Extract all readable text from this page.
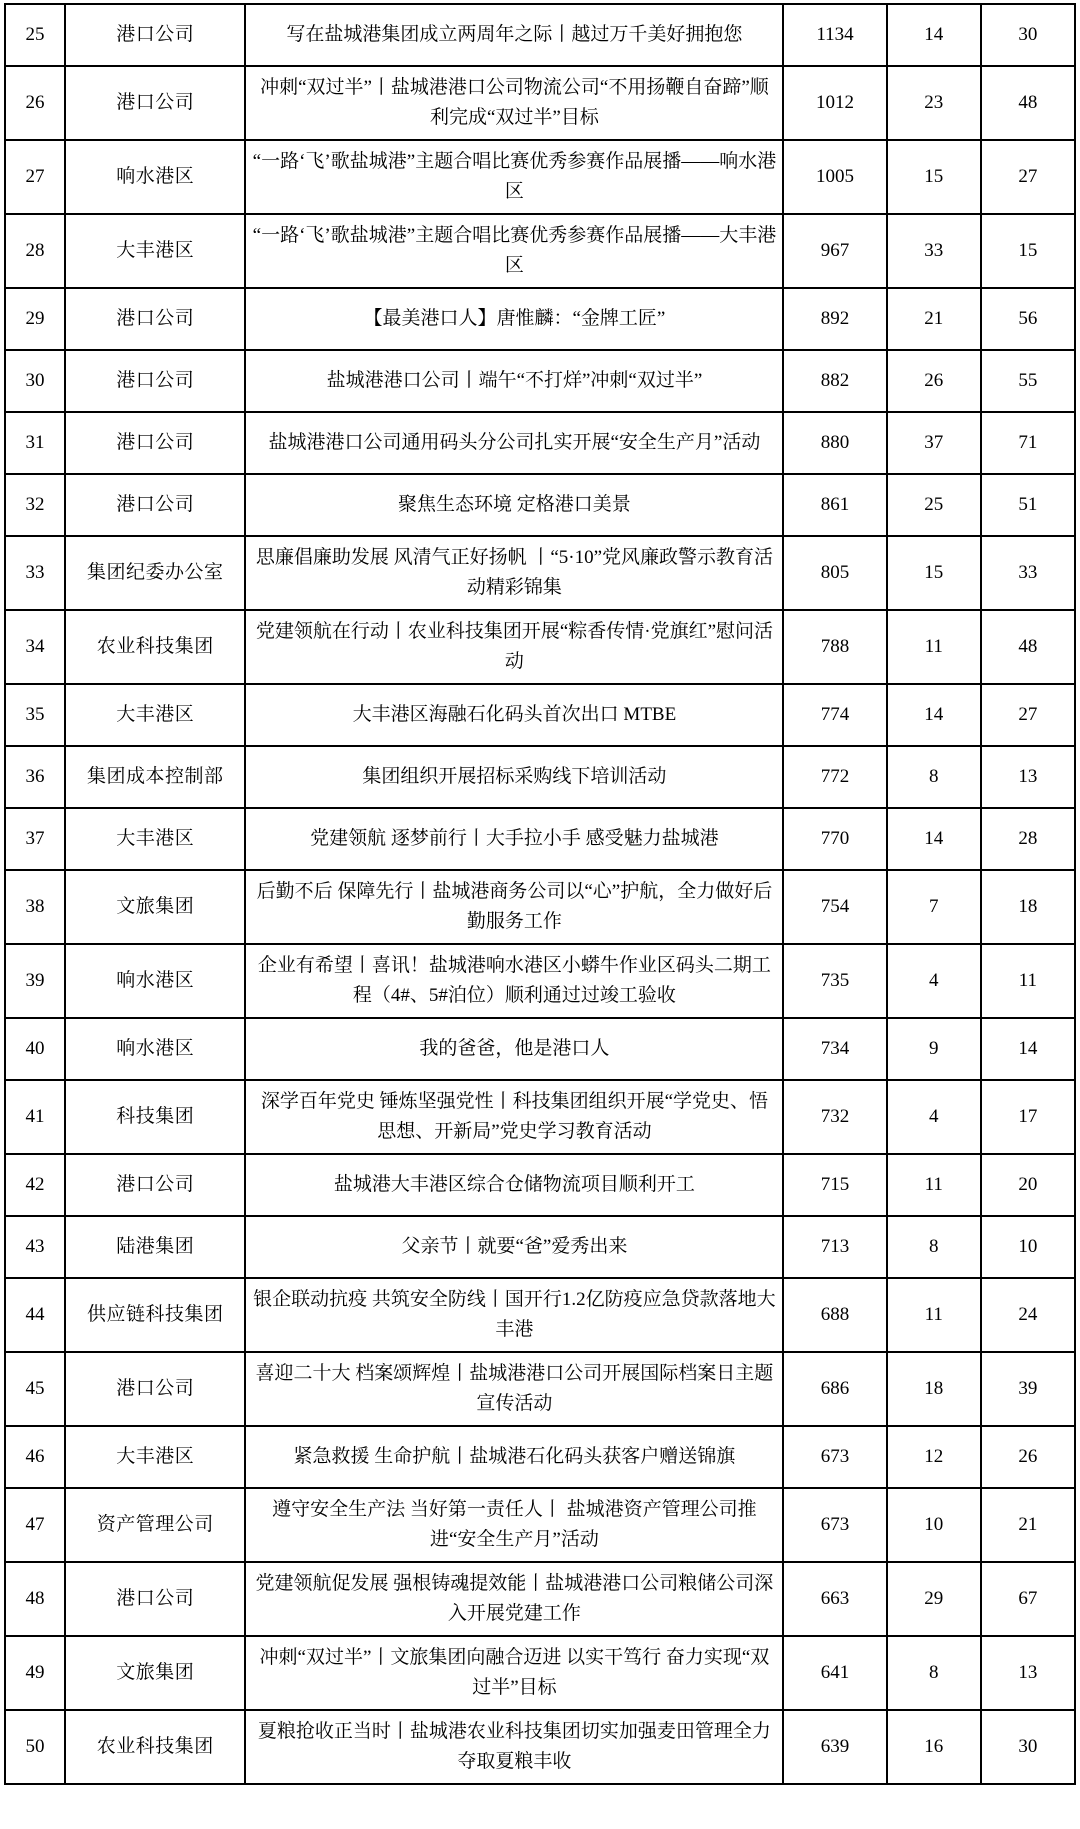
25	港口公司	写在盐城港集团成立两周年之际丨越过万千美好拥抱您	1134	14	30
26	港口公司	冲刺“双过半”丨盐城港港口公司物流公司“不用扬鞭自奋蹄”顺利完成“双过半”目标	1012	23	48
27	响水港区	“一路‘飞’歌盐城港”主题合唱比赛优秀参赛作品展播——响水港区	1005	15	27
28	大丰港区	“一路‘飞’歌盐城港”主题合唱比赛优秀参赛作品展播——大丰港区	967	33	15
29	港口公司	【最美港口人】唐惟麟：“金牌工匠”	892	21	56
30	港口公司	盐城港港口公司丨端午“不打烊”冲刺“双过半”	882	26	55
31	港口公司	盐城港港口公司通用码头分公司扎实开展“安全生产月”活动	880	37	71
32	港口公司	聚焦生态环境 定格港口美景	861	25	51
33	集团纪委办公室	思廉倡廉助发展 风清气正好扬帆 丨“5·10”党风廉政警示教育活动精彩锦集	805	15	33
34	农业科技集团	党建领航在行动丨农业科技集团开展“粽香传情·党旗红”慰问活动	788	11	48
35	大丰港区	大丰港区海融石化码头首次出口 MTBE	774	14	27
36	集团成本控制部	集团组织开展招标采购线下培训活动	772	8	13
37	大丰港区	党建领航 逐梦前行丨大手拉小手 感受魅力盐城港	770	14	28
38	文旅集团	后勤不后 保障先行丨盐城港商务公司以“心”护航，全力做好后勤服务工作	754	7	18
39	响水港区	企业有希望丨喜讯！盐城港响水港区小蟒牛作业区码头二期工程（4#、5#泊位）顺利通过过竣工验收	735	4	11
40	响水港区	我的爸爸，他是港口人	734	9	14
41	科技集团	深学百年党史 锤炼坚强党性丨科技集团组织开展“学党史、悟思想、开新局”党史学习教育活动	732	4	17
42	港口公司	盐城港大丰港区综合仓储物流项目顺利开工	715	11	20
43	陆港集团	父亲节丨就要“爸”爱秀出来	713	8	10
44	供应链科技集团	银企联动抗疫 共筑安全防线丨国开行1.2亿防疫应急贷款落地大丰港	688	11	24
45	港口公司	喜迎二十大 档案颂辉煌丨盐城港港口公司开展国际档案日主题宣传活动	686	18	39
46	大丰港区	紧急救援 生命护航丨盐城港石化码头获客户赠送锦旗	673	12	26
47	资产管理公司	遵守安全生产法 当好第一责任人丨 盐城港资产管理公司推进“安全生产月”活动	673	10	21
48	港口公司	党建领航促发展 强根铸魂提效能丨盐城港港口公司粮储公司深入开展党建工作	663	29	67
49	文旅集团	冲刺“双过半”丨文旅集团向融合迈进 以实干笃行 奋力实现“双过半”目标	641	8	13
50	农业科技集团	夏粮抢收正当时丨盐城港农业科技集团切实加强麦田管理全力夺取夏粮丰收	639	16	30
